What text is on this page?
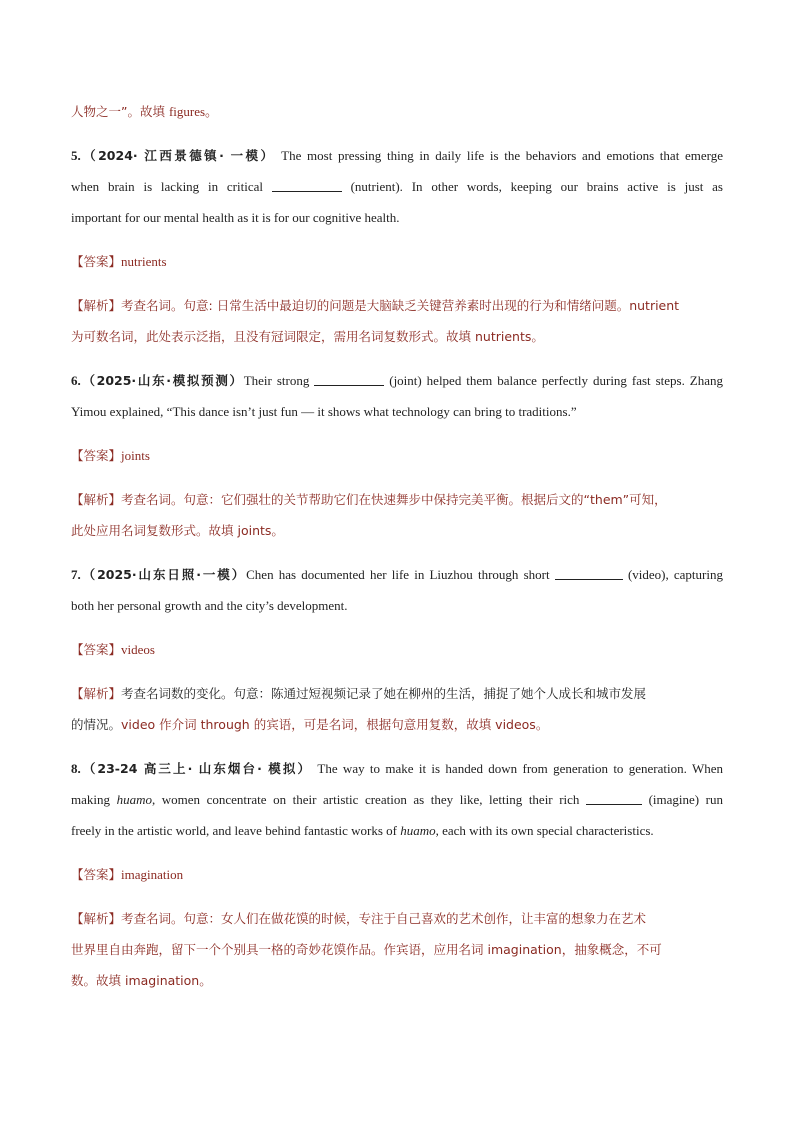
人物之一”。故填 figures。
5.（2024· 江西景德镇· 一模） The most pressing thing in daily life is the behaviors and emotions that emerge
when brain is lacking in critical	(nutrient). In other words, keeping our brains active is just as
important for our mental health as it is for our cognitive health.
【答案】nutrients
【解析】考查名词。句意: 日常生活中最迫切的问题是大脑缺乏关键营养素时出现的行为和情绪问题。nutrient
为可数名词，此处表示泛指，且没有冠词限定，需用名词复数形式。故填 nutrients。
6.（2025·山东·模拟预测）Their strong	(joint) helped them balance perfectly during fast steps. Zhang
Yimou explained, “This dance isn’t just fun — it shows what technology can bring to traditions.”
【答案】joints
【解析】考查名词。句意：它们强壮的关节帮助它们在快速舞步中保持完美平衡。根据后文的“them”可知，
此处应用名词复数形式。故填 joints。
7.（2025·山东日照·一模）Chen has documented her life in Liuzhou through short	(video), capturing
both her personal growth and the city’s development.
【答案】videos
【解析】考查名词数的变化。句意：陈通过短视频记录了她在柳州的生活，捕捉了她个人成长和城市发展
的情况。video 作介词 through 的宾语，可是名词，根据句意用复数，故填 videos。
8.（23-24 高三上· 山东烟台· 模拟） The way to make it is handed down from generation to generation. When
making huamo, women concentrate on their artistic creation as they like, letting their rich	(imagine) run
freely in the artistic world, and leave behind fantastic works of huamo, each with its own special characteristics.
【答案】imagination
【解析】考查名词。句意：女人们在做花馍的时候，专注于自己喜欢的艺术创作，让丰富的想象力在艺术
世界里自由奔跑，留下一个个别具一格的奇妙花馍作品。作宾语，应用名词 imagination，抽象概念，不可
数。故填 imagination。
